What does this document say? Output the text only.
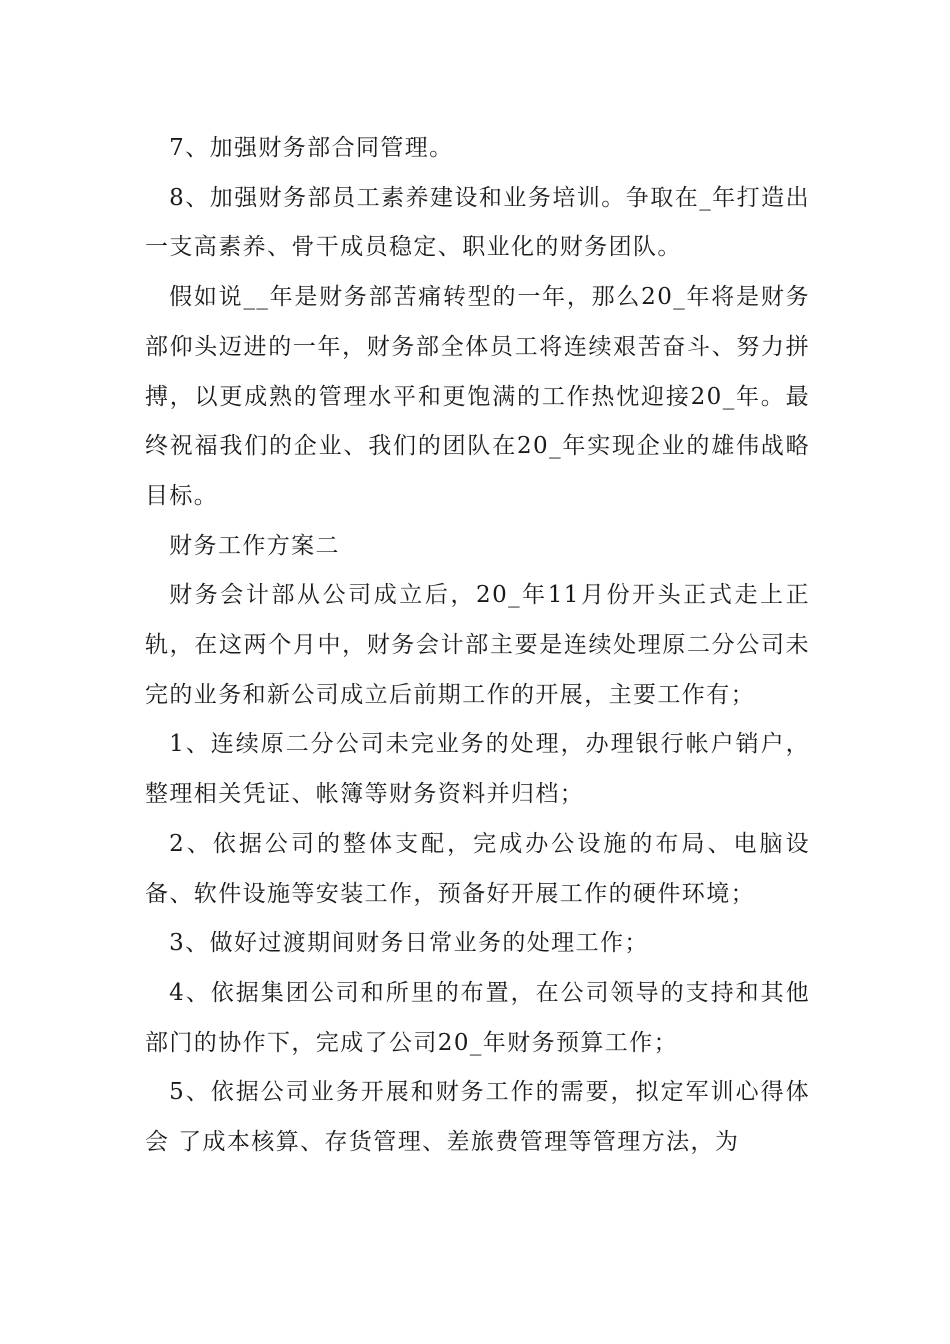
7、加强财务部合同管理。

8、加强财务部员工素养建设和业务培训。争取在_年打造出一支高素养、骨干成员稳定、职业化的财务团队。

假如说__年是财务部苦痛转型的一年，那么20_年将是财务部仰头迈进的一年，财务部全体员工将连续艰苦奋斗、努力拼搏，以更成熟的管理水平和更饱满的工作热忱迎接20_年。最终祝福我们的企业、我们的团队在20_年实现企业的雄伟战略目标。

财务工作方案二

财务会计部从公司成立后，20_年11月份开头正式走上正轨，在这两个月中，财务会计部主要是连续处理原二分公司未完的业务和新公司成立后前期工作的开展，主要工作有；

1、连续原二分公司未完业务的处理，办理银行帐户销户，整理相关凭证、帐簿等财务资料并归档；

2、依据公司的整体支配，完成办公设施的布局、电脑设备、软件设施等安装工作，预备好开展工作的硬件环境；

3、做好过渡期间财务日常业务的处理工作；

4、依据集团公司和所里的布置，在公司领导的支持和其他部门的协作下，完成了公司20_年财务预算工作；

5、依据公司业务开展和财务工作的需要，拟定军训心得体会 了成本核算、存货管理、差旅费管理等管理方法，为
